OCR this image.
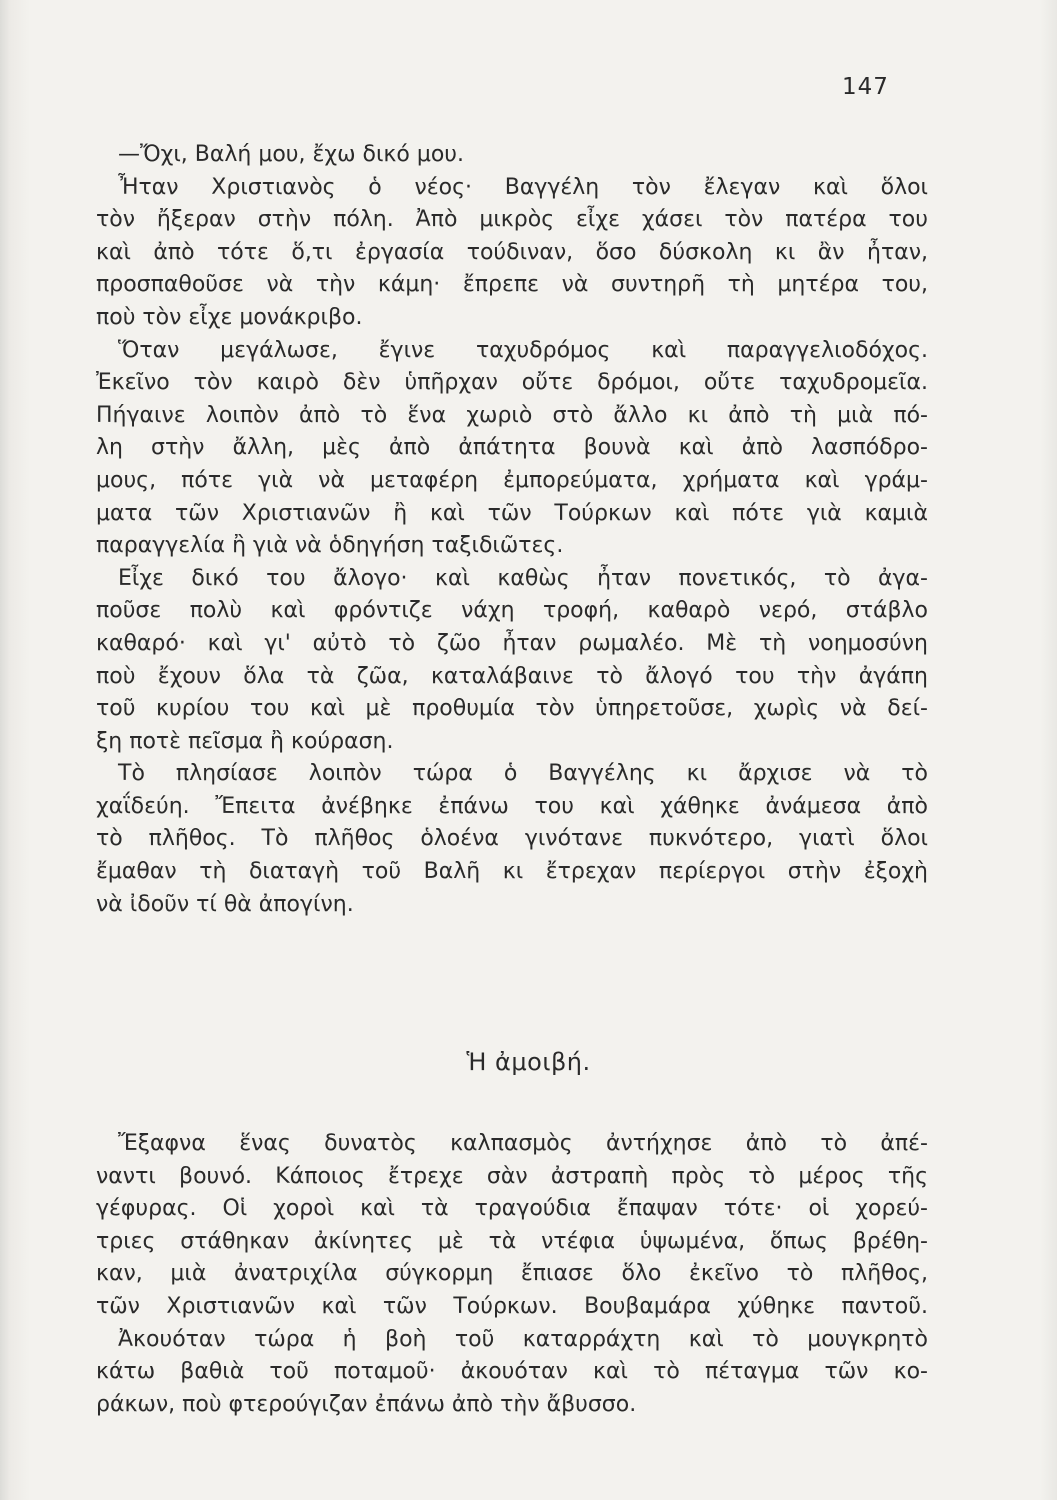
147
—Ὄχι, Βαλή μου, ἔχω δικό μου.
Ἦταν Χριστιανὸς ὁ νέος· Βαγγέλη τὸν ἔλεγαν καὶ ὅλοι
τὸν ἤξεραν στὴν πόλη. Ἀπὸ μικρὸς εἶχε χάσει τὸν πατέρα του
καὶ ἀπὸ τότε ὅ,τι ἐργασία τούδιναν, ὅσο δύσκολη κι ἂν ἦταν,
προσπαθοῦσε νὰ τὴν κάμη· ἔπρεπε νὰ συντηρῆ τὴ μητέρα του,
ποὺ τὸν εἶχε μονάκριβο.
Ὅταν μεγάλωσε, ἔγινε ταχυδρόμος καὶ παραγγελιοδόχος.
Ἐκεῖνο τὸν καιρὸ δὲν ὑπῆρχαν οὔτε δρόμοι, οὔτε ταχυδρομεῖα.
Πήγαινε λοιπὸν ἀπὸ τὸ ἕνα χωριὸ στὸ ἄλλο κι ἀπὸ τὴ μιὰ πό-
λη στὴν ἄλλη, μὲς ἀπὸ ἀπάτητα βουνὰ καὶ ἀπὸ λασπόδρο-
μους, πότε γιὰ νὰ μεταφέρη ἐμπορεύματα, χρήματα καὶ γράμ-
ματα τῶν Χριστιανῶν ἢ καὶ τῶν Τούρκων καὶ πότε γιὰ καμιὰ
παραγγελία ἢ γιὰ νὰ ὁδηγήση ταξιδιῶτες.
Εἶχε δικό του ἄλογο· καὶ καθὼς ἦταν πονετικός, τὸ ἀγα-
ποῦσε πολὺ καὶ φρόντιζε νάχη τροφή, καθαρὸ νερό, στάβλο
καθαρό· καὶ γι' αὐτὸ τὸ ζῶο ἦταν ρωμαλέο. Μὲ τὴ νοημοσύνη
ποὺ ἔχουν ὅλα τὰ ζῶα, καταλάβαινε τὸ ἄλογό του τὴν ἀγάπη
τοῦ κυρίου του καὶ μὲ προθυμία τὸν ὑπηρετοῦσε, χωρὶς νὰ δεί-
ξη ποτὲ πεῖσμα ἢ κούραση.
Τὸ πλησίασε λοιπὸν τώρα ὁ Βαγγέλης κι ἄρχισε νὰ τὸ
χαΐδεύη. Ἔπειτα ἀνέβηκε ἐπάνω του καὶ χάθηκε ἀνάμεσα ἀπὸ
τὸ πλῆθος. Τὸ πλῆθος ὁλοένα γινότανε πυκνότερο, γιατὶ ὅλοι
ἔμαθαν τὴ διαταγὴ τοῦ Βαλῆ κι ἔτρεχαν περίεργοι στὴν ἐξοχὴ
νὰ ἰδοῦν τί θὰ ἀπογίνη.
Ἡ ἀμοιβή.
Ἔξαφνα ἕνας δυνατὸς καλπασμὸς ἀντήχησε ἀπὸ τὸ ἀπέ-
ναντι βουνό. Κάποιος ἔτρεχε σὰν ἀστραπὴ πρὸς τὸ μέρος τῆς
γέφυρας. Οἱ χοροὶ καὶ τὰ τραγούδια ἔπαψαν τότε· οἱ χορεύ-
τριες στάθηκαν ἀκίνητες μὲ τὰ ντέφια ὑψωμένα, ὅπως βρέθη-
καν, μιὰ ἀνατριχίλα σύγκορμη ἔπιασε ὅλο ἐκεῖνο τὸ πλῆθος,
τῶν Χριστιανῶν καὶ τῶν Τούρκων. Βουβαμάρα χύθηκε παντοῦ.
Ἀκουόταν τώρα ἡ βοὴ τοῦ καταρράχτη καὶ τὸ μουγκρητὸ
κάτω βαθιὰ τοῦ ποταμοῦ· ἀκουόταν καὶ τὸ πέταγμα τῶν κο-
ράκων, ποὺ φτερούγιζαν ἐπάνω ἀπὸ τὴν ἄβυσσο.
